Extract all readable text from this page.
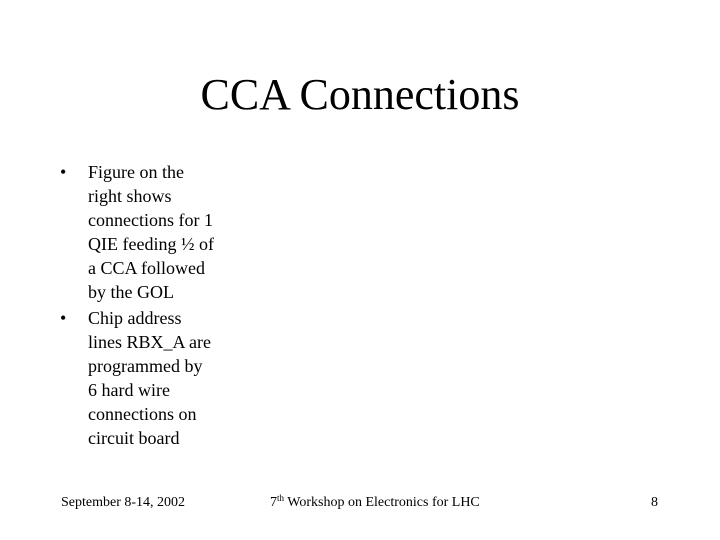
CCA Connections
• Figure on the
right shows
connections for 1
QIE feeding ½ of
a CCA followed
by the GOL
• Chip address
lines RBX_A are
programmed by
6 hard wire
connections on
circuit board
September 8-14, 2002	7th Workshop on Electronics for LHC	8
